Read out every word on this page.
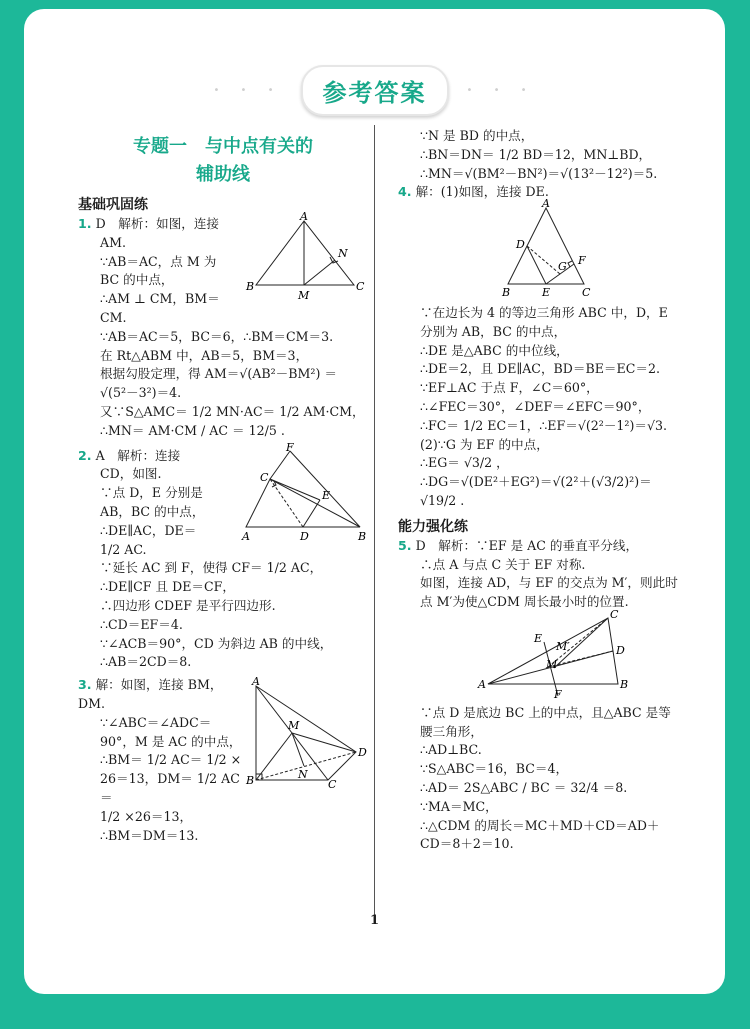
• • •	参考答案	• • •
专题一　与中点有关的
辅助线
基础巩固练
A
N
B
M
C

1. D　解析：如图，连接

AM.

∵AB＝AC，点 M 为

BC 的中点，

∴AM ⊥ CM，BM＝

CM.

∵AB＝AC＝5，BC＝6，∴BM＝CM＝3.

在 Rt△ABM 中，AB＝5，BM＝3，

根据勾股定理，得 AM＝√(AB²－BM²) ＝

√(5²－3²)＝4.

又∵S△AMC＝ 1/2 MN·AC＝ 1/2 AM·CM，

∴MN＝ AM·CM / AC ＝ 12/5 .

F
C
E
A	D	B

2. A　解析：连接

CD，如图.

∵点 D，E 分别是

AB，BC 的中点，

∴DE∥AC，DE＝

1/2 AC.

∵延长 AC 到 F，使得 CF＝ 1/2 AC，

∴DE∥CF 且 DE＝CF，

∴四边形 CDEF 是平行四边形.

∴CD＝EF＝4.

∵∠ACB＝90°，CD 为斜边 AB 的中线，

∴AB＝2CD＝8.

A
M
D
B	N
C

3. 解：如图，连接 BM，DM.

∵∠ABC＝∠ADC＝

90°，M 是 AC 的中点，

∴BM＝ 1/2 AC＝ 1/2 ×

26＝13，DM＝ 1/2 AC＝

1/2 ×26＝13，

∴BM＝DM＝13.

∵N 是 BD 的中点，

∴BN＝DN＝ 1/2 BD＝12，MN⊥BD，

∴MN＝√(BM²－BN²)＝√(13²－12²)＝5.

4. 解：(1)如图，连接 DE.

A
D
G F
B	E	C

∵在边长为 4 的等边三角形 ABC 中，D，E

分别为 AB，BC 的中点，

∴DE 是△ABC 的中位线，

∴DE＝2，且 DE∥AC，BD＝BE＝EC＝2.

∵EF⊥AC 于点 F，∠C＝60°，

∴∠FEC＝30°，∠DEF＝∠EFC＝90°，

∴FC＝ 1/2 EC＝1，∴EF＝√(2²－1²)＝√3.

(2)∵G 为 EF 的中点，

∴EG＝ √3/2 ，

∴DG＝√(DE²＋EG²)＝√(2²＋(√3/2)²)＝ √19/2 .

能力强化练

5. D　解析：∵EF 是 AC 的垂直平分线，

∴点 A 与点 C 关于 EF 对称.

如图，连接 AD，与 EF 的交点为 M′，则此时

点 M′为使△CDM 周长最小时的位置.

C
E
M′	D
M
A
F
B

∵点 D 是底边 BC 上的中点，且△ABC 是等

腰三角形，

∴AD⊥BC.

∵S△ABC＝16，BC＝4，

∴AD＝ 2S△ABC / BC ＝ 32/4 ＝8.

∵MA＝MC，

∴△CDM 的周长＝MC＋MD＋CD＝AD＋

CD＝8＋2＝10.

1
